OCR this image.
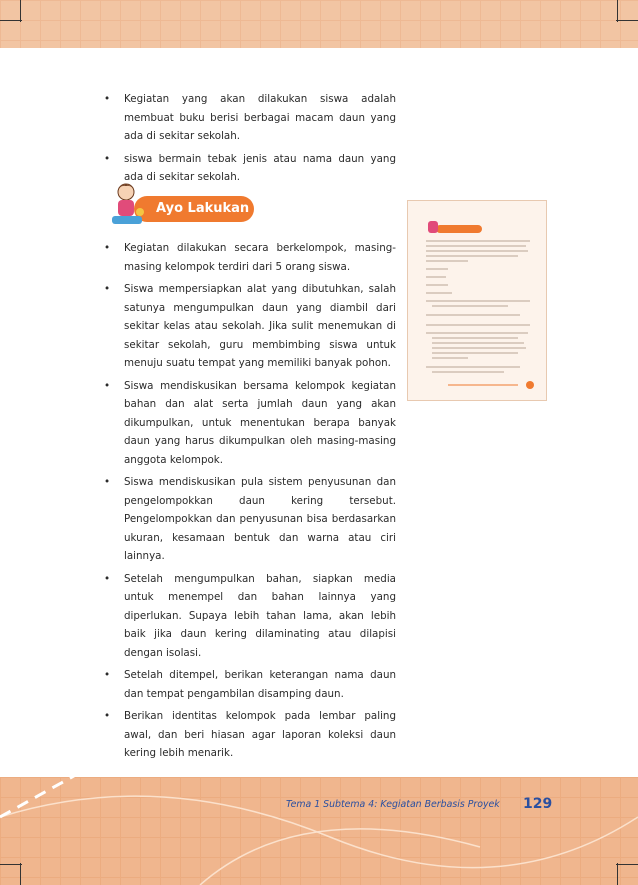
• Kegiatan yang akan dilakukan siswa adalah membuat buku berisi berbagai macam daun yang ada di sekitar sekolah.
• siswa bermain tebak jenis atau nama daun yang ada di sekitar sekolah.
Ayo Lakukan
• Kegiatan dilakukan secara berkelompok, masing-masing kelompok terdiri dari 5 orang siswa.
• Siswa mempersiapkan alat yang dibutuhkan, salah satunya mengumpulkan daun yang diambil dari sekitar kelas atau sekolah. Jika sulit menemukan di sekitar sekolah, guru membimbing siswa untuk menuju suatu tempat yang memiliki banyak pohon.
• Siswa mendiskusikan bersama kelompok kegiatan bahan dan alat serta jumlah daun yang akan dikumpulkan, untuk menentukan berapa banyak daun yang harus dikumpulkan oleh masing-masing anggota kelompok.
• Siswa mendiskusikan pula sistem penyusunan dan pengelompokkan daun kering tersebut. Pengelompokkan dan penyusunan bisa berdasarkan ukuran, kesamaan bentuk dan warna atau ciri lainnya.
• Setelah mengumpulkan bahan, siapkan media untuk menempel dan bahan lainnya yang diperlukan. Supaya lebih tahan lama, akan lebih baik jika daun kering dilaminating atau dilapisi dengan isolasi.
• Setelah ditempel, berikan keterangan nama daun dan tempat pengambilan disamping daun.
• Berikan identitas kelompok pada lembar paling awal, dan beri hiasan agar laporan koleksi daun kering lebih menarik.
Tema 1 Subtema 4: Kegiatan Berbasis Proyek 129
